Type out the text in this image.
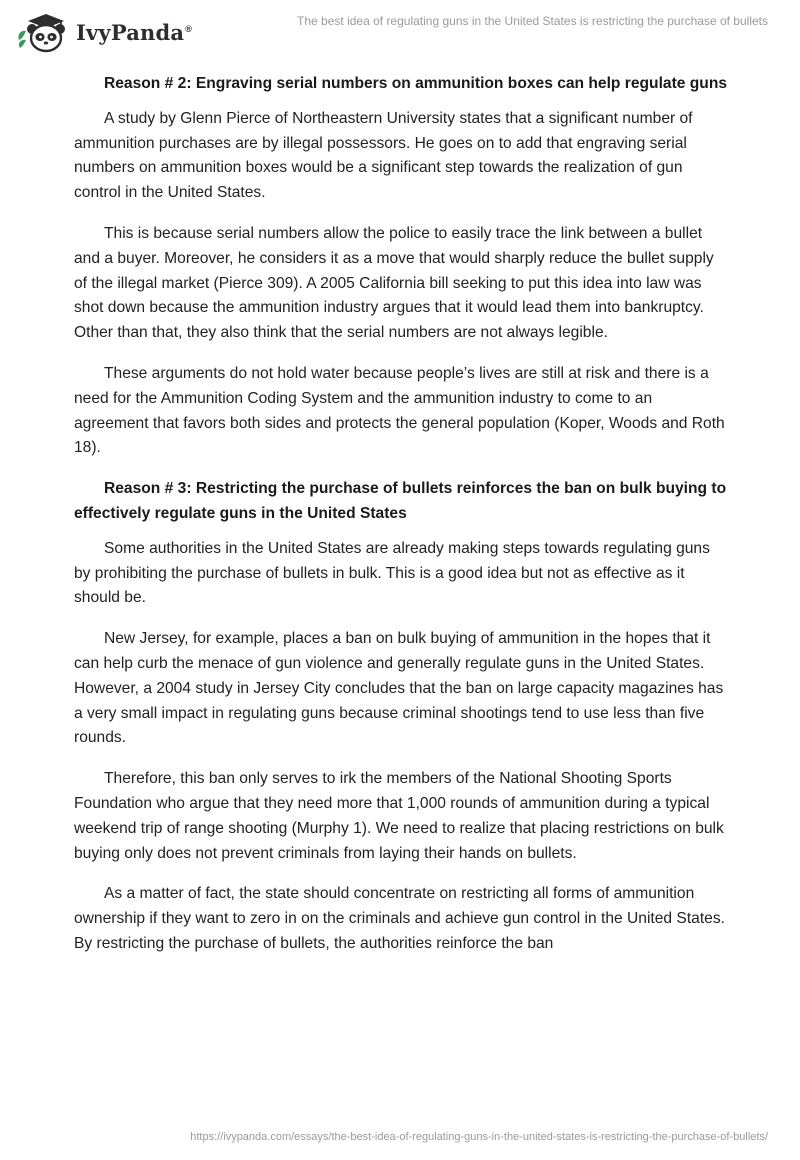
IvyPanda®
The best idea of regulating guns in the United States is restricting the purchase of bullets
Reason # 2: Engraving serial numbers on ammunition boxes can help regulate guns

A study by Glenn Pierce of Northeastern University states that a significant number of ammunition purchases are by illegal possessors. He goes on to add that engraving serial numbers on ammunition boxes would be a significant step towards the realization of gun control in the United States.

This is because serial numbers allow the police to easily trace the link between a bullet and a buyer. Moreover, he considers it as a move that would sharply reduce the bullet supply of the illegal market (Pierce 309). A 2005 California bill seeking to put this idea into law was shot down because the ammunition industry argues that it would lead them into bankruptcy. Other than that, they also think that the serial numbers are not always legible.

These arguments do not hold water because people’s lives are still at risk and there is a need for the Ammunition Coding System and the ammunition industry to come to an agreement that favors both sides and protects the general population (Koper, Woods and Roth 18).

Reason # 3: Restricting the purchase of bullets reinforces the ban on bulk buying to effectively regulate guns in the United States

Some authorities in the United States are already making steps towards regulating guns by prohibiting the purchase of bullets in bulk. This is a good idea but not as effective as it should be.

New Jersey, for example, places a ban on bulk buying of ammunition in the hopes that it can help curb the menace of gun violence and generally regulate guns in the United States. However, a 2004 study in Jersey City concludes that the ban on large capacity magazines has a very small impact in regulating guns because criminal shootings tend to use less than five rounds.

Therefore, this ban only serves to irk the members of the National Shooting Sports Foundation who argue that they need more that 1,000 rounds of ammunition during a typical weekend trip of range shooting (Murphy 1). We need to realize that placing restrictions on bulk buying only does not prevent criminals from laying their hands on bullets.

As a matter of fact, the state should concentrate on restricting all forms of ammunition ownership if they want to zero in on the criminals and achieve gun control in the United States. By restricting the purchase of bullets, the authorities reinforce the ban

https://ivypanda.com/essays/the-best-idea-of-regulating-guns-in-the-united-states-is-restricting-the-purchase-of-bullets/
